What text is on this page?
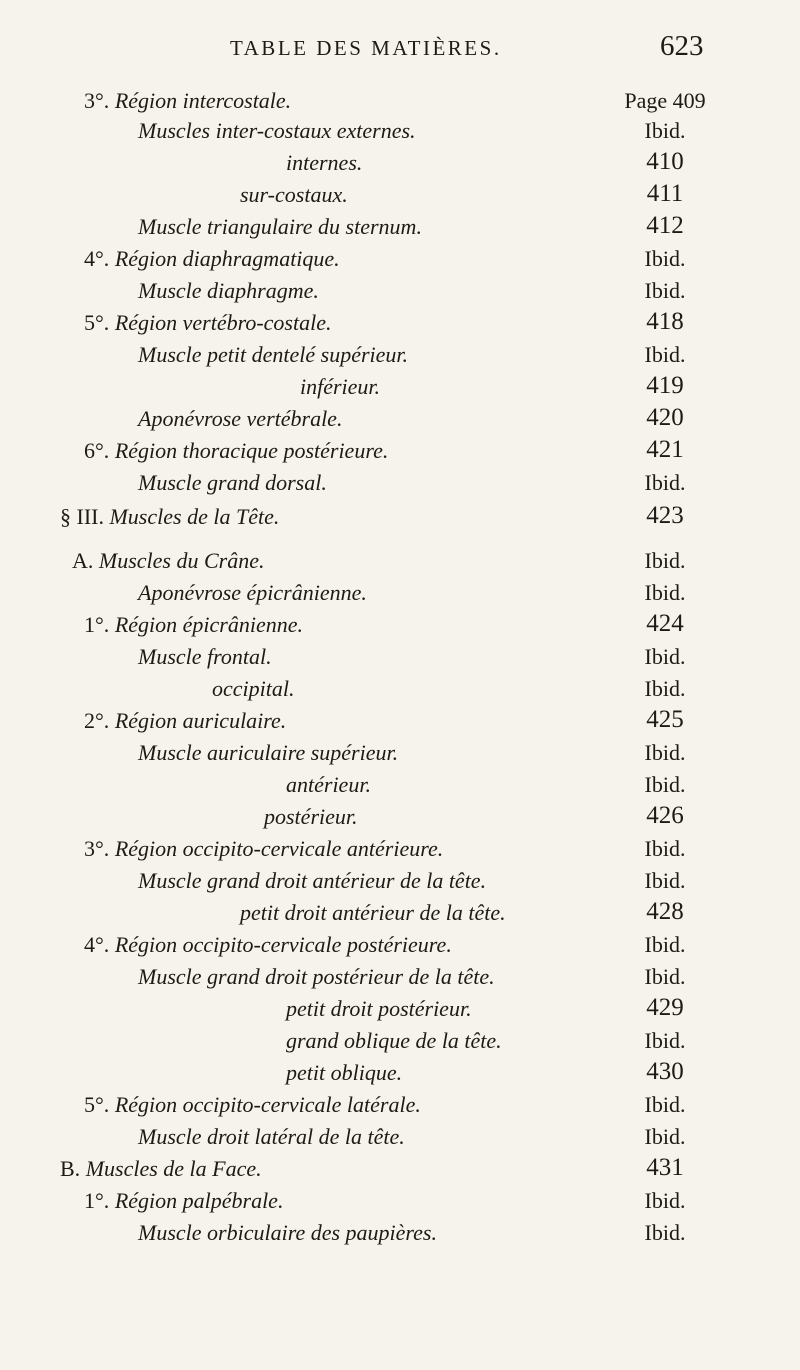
TABLE DES MATIÈRES.	623
3°. Région intercostale.	Page 409
Muscles inter-costaux externes.	Ibid.
internes.	410
sur-costaux.	411
Muscle triangulaire du sternum.	412
4°. Région diaphragmatique.	Ibid.
Muscle diaphragme.	Ibid.
5°. Région vertébro-costale.	418
Muscle petit dentelé supérieur.	Ibid.
inférieur.	419
Aponévrose vertébrale.	420
6°. Région thoracique postérieure.	421
Muscle grand dorsal.	Ibid.
§ III. Muscles de la Tête.	423
A. Muscles du Crâne.	Ibid.
Aponévrose épicrânienne.	Ibid.
1°. Région épicrânienne.	424
Muscle frontal.	Ibid.
occipital.	Ibid.
2°. Région auriculaire.	425
Muscle auriculaire supérieur.	Ibid.
antérieur.	Ibid.
postérieur.	426
3°. Région occipito-cervicale antérieure.	Ibid.
Muscle grand droit antérieur de la tête.	Ibid.
petit droit antérieur de la tête.	428
4°. Région occipito-cervicale postérieure.	Ibid.
Muscle grand droit postérieur de la tête.	Ibid.
petit droit postérieur.	429
grand oblique de la tête.	Ibid.
petit oblique.	430
5°. Région occipito-cervicale latérale.	Ibid.
Muscle droit latéral de la tête.	Ibid.
B. Muscles de la Face.	431
1°. Région palpébrale.	Ibid.
Muscle orbiculaire des paupières.	Ibid.
